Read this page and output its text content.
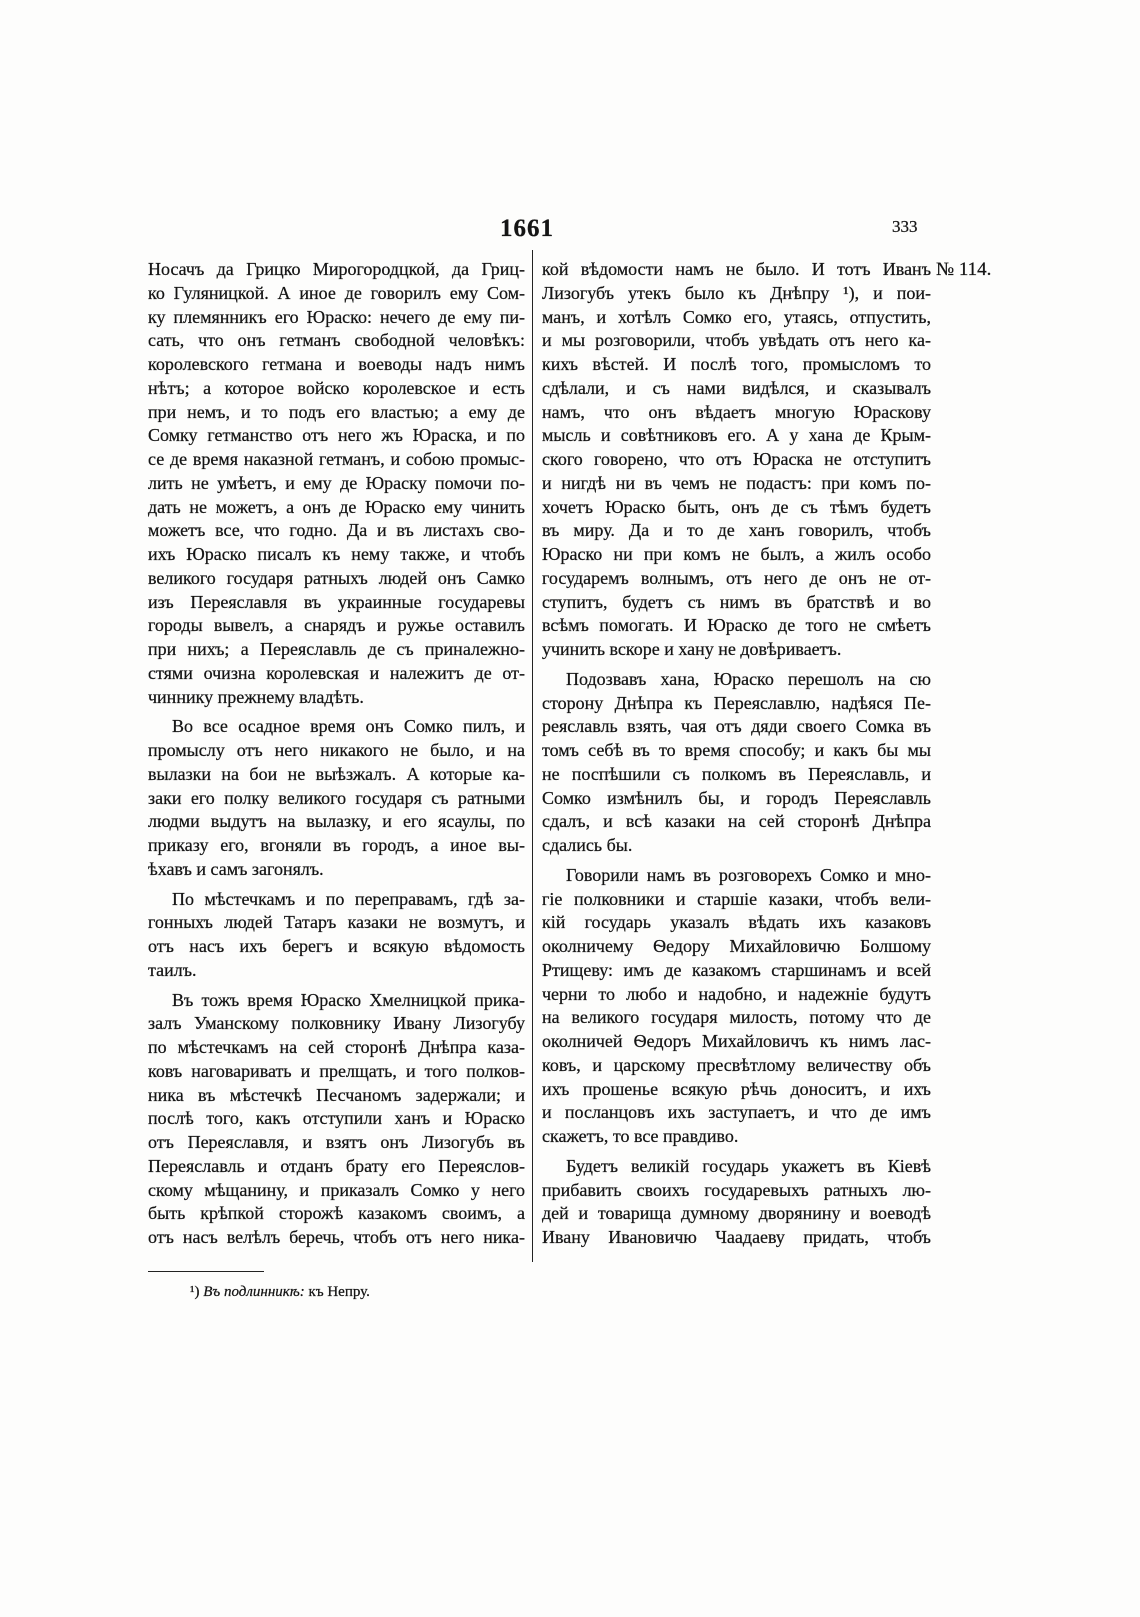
1661	333
№ 114.
Носачъ да Грицко Мирогородцкой, да Гриц-
ко Гуляницкой. А иное де говорилъ ему Сом-
ку племянникъ его Юраско: нечего де ему пи-
сать, что онъ гетманъ свободной человѣкъ:
королевского гетмана и воеводы надъ нимъ
нѣтъ; а которое войско королевское и есть
при немъ, и то подъ его властью; а ему де
Сомку гетманство отъ него жъ Юраска, и по
се де время наказной гетманъ, и собою промыс-
лить не умѣетъ, и ему де Юраску помочи по-
дать не можетъ, а онъ де Юраско ему чинить
можетъ все, что годно. Да и въ листахъ сво-
ихъ Юраско писалъ къ нему также, и чтобъ
великого государя ратныхъ людей онъ Самко
изъ Переяславля въ украинные государевы
городы вывелъ, а снарядъ и ружье оставилъ
при нихъ; а Переяславль де съ приналежно-
стями очизна королевская и належитъ де от-
чиннику прежнему владѣть.
Во все осадное время онъ Сомко пилъ, и
промыслу отъ него никакого не было, и на
вылазки на бои не выѣзжалъ. А которые ка-
заки его полку великого государя съ ратными
людми выдутъ на вылазку, и его ясаулы, по
приказу его, вгоняли въ городъ, а иное вы-
ѣхавъ и самъ загонялъ.
По мѣстечкамъ и по переправамъ, гдѣ за-
гонныхъ людей Татаръ казаки не возмутъ, и
отъ насъ ихъ берегъ и всякую вѣдомость
таилъ.
Въ тожъ время Юраско Хмелницкой прика-
залъ Уманскому полковнику Ивану Лизогубу
по мѣстечкамъ на сей сторонѣ Днѣпра каза-
ковъ наговаривать и прелщать, и того полков-
ника въ мѣстечкѣ Песчаномъ задержали; и
послѣ того, какъ отступили ханъ и Юраско
отъ Переяславля, и взятъ онъ Лизогубъ въ
Переяславль и отданъ брату его Переяслов-
скому мѣщанину, и приказалъ Сомко у него
быть крѣпкой сторожѣ казакомъ своимъ, а
отъ насъ велѣлъ беречь, чтобъ отъ него ника-
кой вѣдомости намъ не было. И тотъ Иванъ
Лизогубъ утекъ было къ Днѣпру ¹), и пои-
манъ, и хотѣлъ Сомко его, утаясь, отпустить,
и мы розговорили, чтобъ увѣдать отъ него ка-
кихъ вѣстей. И послѣ того, промысломъ то
сдѣлали, и съ нами видѣлся, и сказывалъ
намъ, что онъ вѣдаетъ многую Юраскову
мысль и совѣтниковъ его. А у хана де Крым-
ского говорено, что отъ Юраска не отступитъ
и нигдѣ ни въ чемъ не подастъ: при комъ по-
хочетъ Юраско быть, онъ де съ тѣмъ будетъ
въ миру. Да и то де ханъ говорилъ, чтобъ
Юраско ни при комъ не былъ, а жилъ особо
государемъ волнымъ, отъ него де онъ не от-
ступитъ, будетъ съ нимъ въ братствѣ и во
всѣмъ помогать. И Юраско де того не смѣетъ
учинить вскоре и хану не довѣриваетъ.
Подозвавъ хана, Юраско перешолъ на сю
сторону Днѣпра къ Переяславлю, надѣяся Пе-
реяславль взять, чая отъ дяди своего Сомка въ
томъ себѣ въ то время способу; и какъ бы мы
не поспѣшили съ полкомъ въ Переяславль, и
Сомко измѣнилъ бы, и городъ Переяславль
сдалъ, и всѣ казаки на сей сторонѣ Днѣпра
сдались бы.
Говорили намъ въ розговорехъ Сомко и мно-
гіе полковники и старшіе казаки, чтобъ вели-
кій государь указалъ вѣдать ихъ казаковъ
околничему Ѳедору Михайловичю Болшому
Ртищеву: имъ де казакомъ старшинамъ и всей
черни то любо и надобно, и надежніе будутъ
на великого государя милость, потому что де
околничей Ѳедоръ Михайловичъ къ нимъ лас-
ковъ, и царскому пресвѣтлому величеству объ
ихъ прошенье всякую рѣчь доноситъ, и ихъ
и посланцовъ ихъ заступаетъ, и что де имъ
скажетъ, то все правдиво.
Будетъ великій государь укажетъ въ Кіевѣ
прибавить своихъ государевыхъ ратныхъ лю-
дей и товарища думному дворянину и воеводѣ
Ивану Ивановичю Чаадаеву придать, чтобъ
¹) Въ подлинникѣ: къ Непру.
